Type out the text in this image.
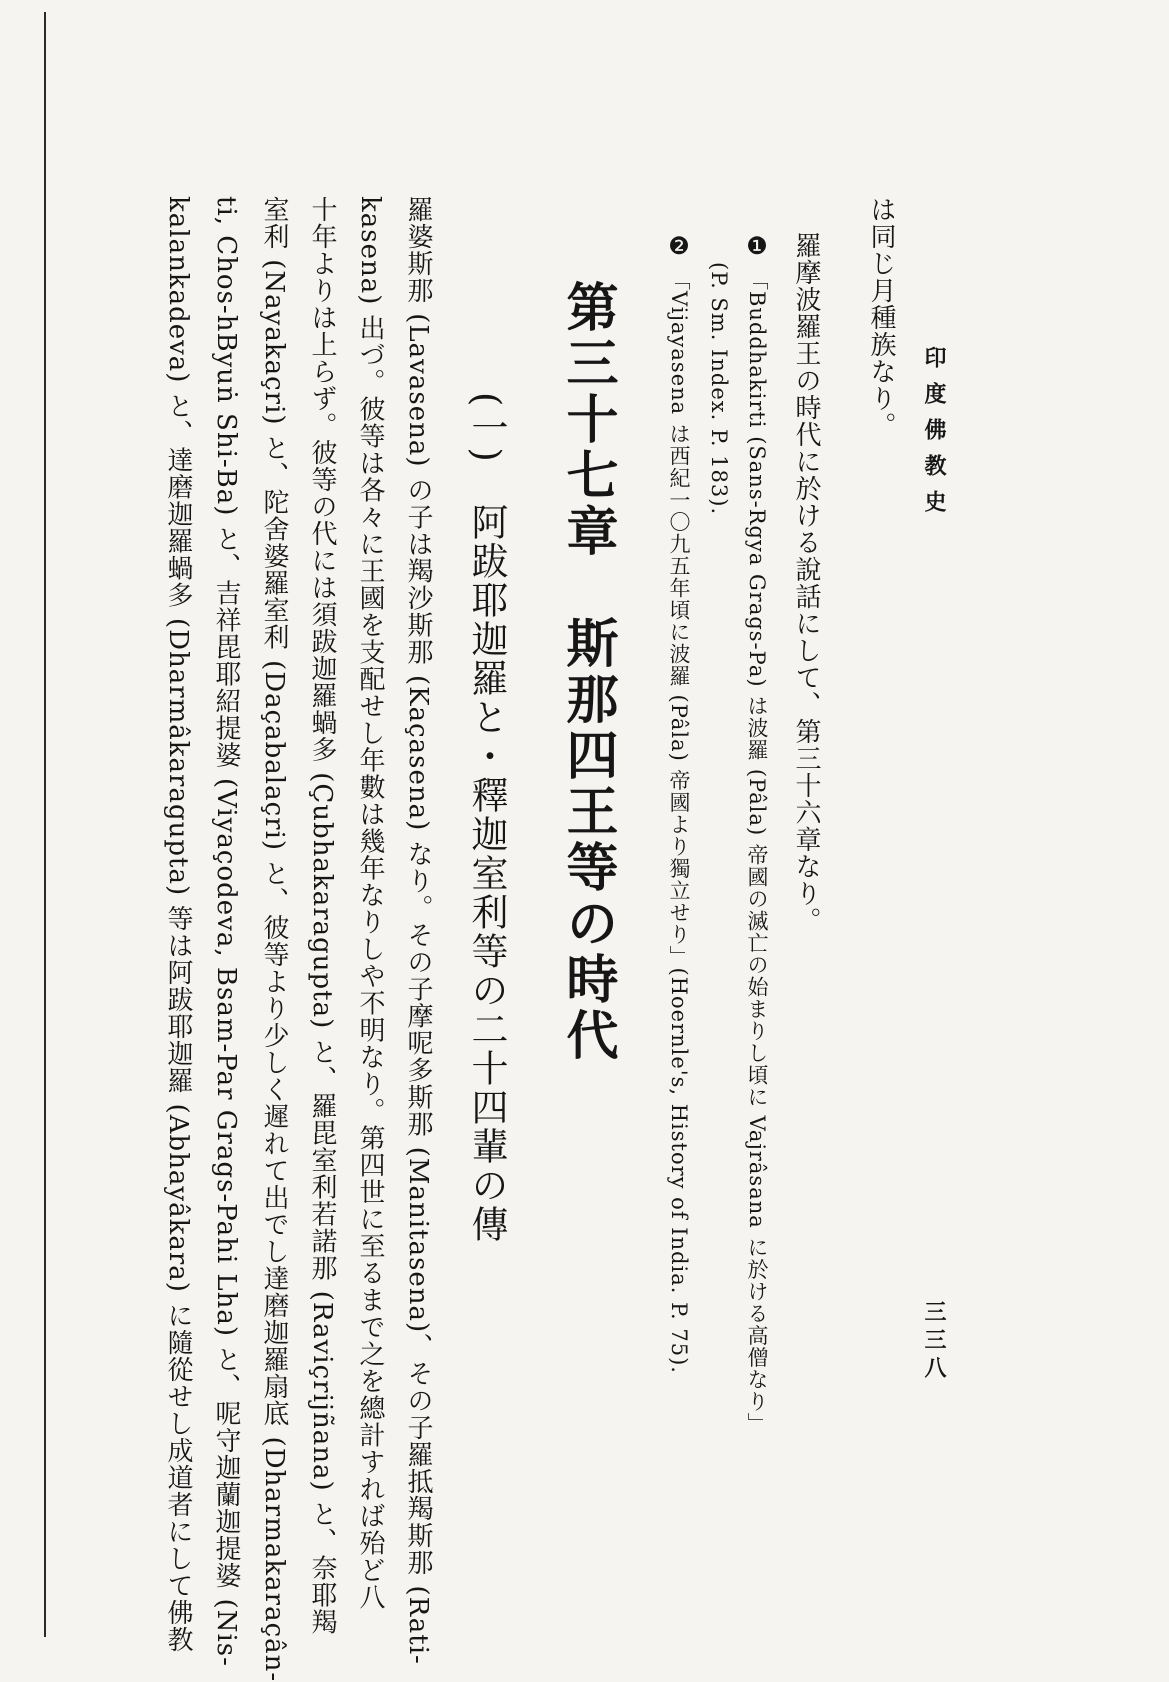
印度佛教史
三三八
は同じ月種族なり。
羅摩波羅王の時代に於ける說話にして、第三十六章なり。
❶「Buddhakirti (Sans-Rgya Grags-Pa) は波羅 (Pâla) 帝國の滅亡の始まりし頃に Vajrâsana に於ける高僧なり」
(P. Sm. Index. P. 183).
❷「Vijayasena は西紀一〇九五年頃に波羅 (Pâla) 帝國より獨立せり」(Hoernle's, History of India. P. 75).
第三十七章　斯那四王等の時代
(一)　阿跋耶迦羅と・釋迦室利等の二十四輩の傳
羅婆斯那 (Lavasena) の子は羯沙斯那 (Kaçasena) なり。その子摩呢多斯那 (Manitasena)、その子羅抵羯斯那 (Rati-
kasena) 出づ。彼等は各々に王國を支配せし年數は幾年なりしや不明なり。第四世に至るまで之を總計すれば殆ど八
十年よりは上らず。彼等の代には須跋迦羅蝸多 (Çubhakaragupta) と、羅毘室利若諾那 (Raviçrijñana) と、奈耶羯
室利 (Nayakaçri) と、陀舍婆羅室利 (Daçabalaçri) と、彼等より少しく遲れて出でし達磨迦羅扇底 (Dharmakaraçân-
ti, Chos-hByuṅ Shi-Ba) と、吉祥毘耶紹提婆 (Viyaçodeva, Bsam-Par Grags-Pahi Lha) と、呢守迦蘭迦提婆 (Nis-
kalankadeva) と、達磨迦羅蝸多 (Dharmâkaragupta) 等は阿跋耶迦羅 (Abhayâkara) に隨從せし成道者にして佛教
